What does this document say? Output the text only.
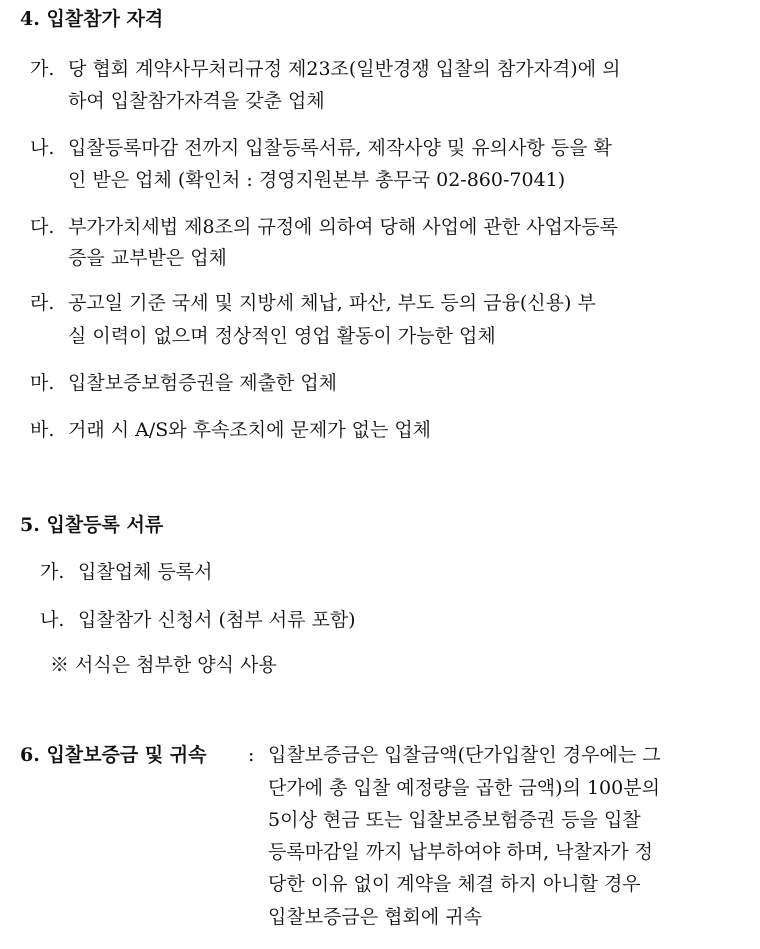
4. 입찰참가 자격
가. 당 협회 계약사무처리규정 제23조(일반경쟁 입찰의 참가자격)에 의
하여 입찰참가자격을 갖춘 업체
나. 입찰등록마감 전까지 입찰등록서류, 제작사양 및 유의사항 등을 확
인 받은 업체 (확인처 : 경영지원본부 총무국 02-860-7041)
다. 부가가치세법 제8조의 규정에 의하여 당해 사업에 관한 사업자등록
증을 교부받은 업체
라. 공고일 기준 국세 및 지방세 체납, 파산, 부도 등의 금융(신용) 부
실 이력이 없으며 정상적인 영업 활동이 가능한 업체
마. 입찰보증보험증권을 제출한 업체
바. 거래 시 A/S와 후속조치에 문제가 없는 업체
5. 입찰등록 서류
가. 입찰업체 등록서
나. 입찰참가 신청서 (첨부 서류 포함)
※ 서식은 첨부한 양식 사용
6. 입찰보증금 및 귀속 : 입찰보증금은 입찰금액(단가입찰인 경우에는 그
단가에 총 입찰 예정량을 곱한 금액)의 100분의
5이상 현금 또는 입찰보증보험증권 등을 입찰
등록마감일 까지 납부하여야 하며, 낙찰자가 정
당한 이유 없이 계약을 체결 하지 아니할 경우
입찰보증금은 협회에 귀속
